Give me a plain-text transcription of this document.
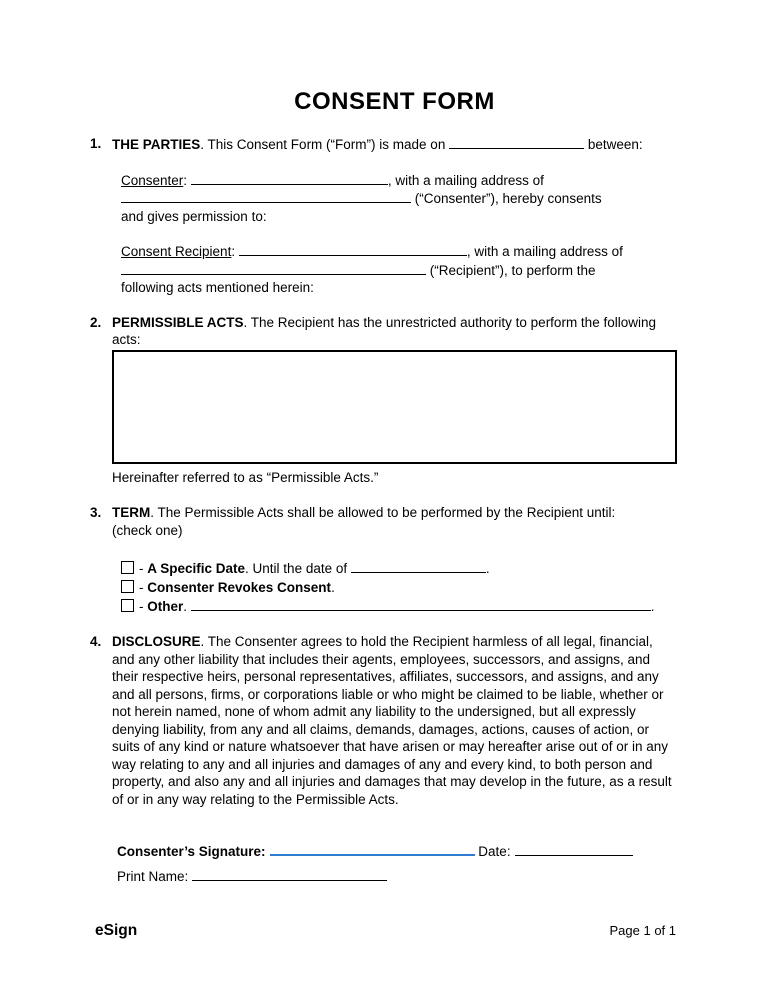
CONSENT FORM
1. THE PARTIES. This Consent Form (“Form”) is made on	between:

Consenter:	, with a mailing address of

(“Consenter”), hereby consents

and gives permission to:

Consent Recipient:	, with a mailing address of

(“Recipient”), to perform the

following acts mentioned herein:

2. PERMISSIBLE ACTS. The Recipient has the unrestricted authority to perform the following acts:

Hereinafter referred to as “Permissible Acts.”

3. TERM. The Permissible Acts shall be allowed to be performed by the Recipient until:
(check one)

- A Specific Date. Until the date of	.

- Consenter Revokes Consent.

- Other.	.

4. DISCLOSURE. The Consenter agrees to hold the Recipient harmless of all legal, financial, and any other liability that includes their agents, employees, successors, and assigns, and their respective heirs, personal representatives, affiliates, successors, and assigns, and any and all persons, firms, or corporations liable or who might be claimed to be liable, whether or not herein named, none of whom admit any liability to the undersigned, but all expressly denying liability, from any and all claims, demands, damages, actions, causes of action, or suits of any kind or nature whatsoever that have arisen or may hereafter arise out of or in any way relating to any and all injuries and damages of any and every kind, to both person and property, and also any and all injuries and damages that may develop in the future, as a result of or in any way relating to the Permissible Acts.

Consenter’s Signature:	Date:
Print Name:
eSign	Page 1 of 1
